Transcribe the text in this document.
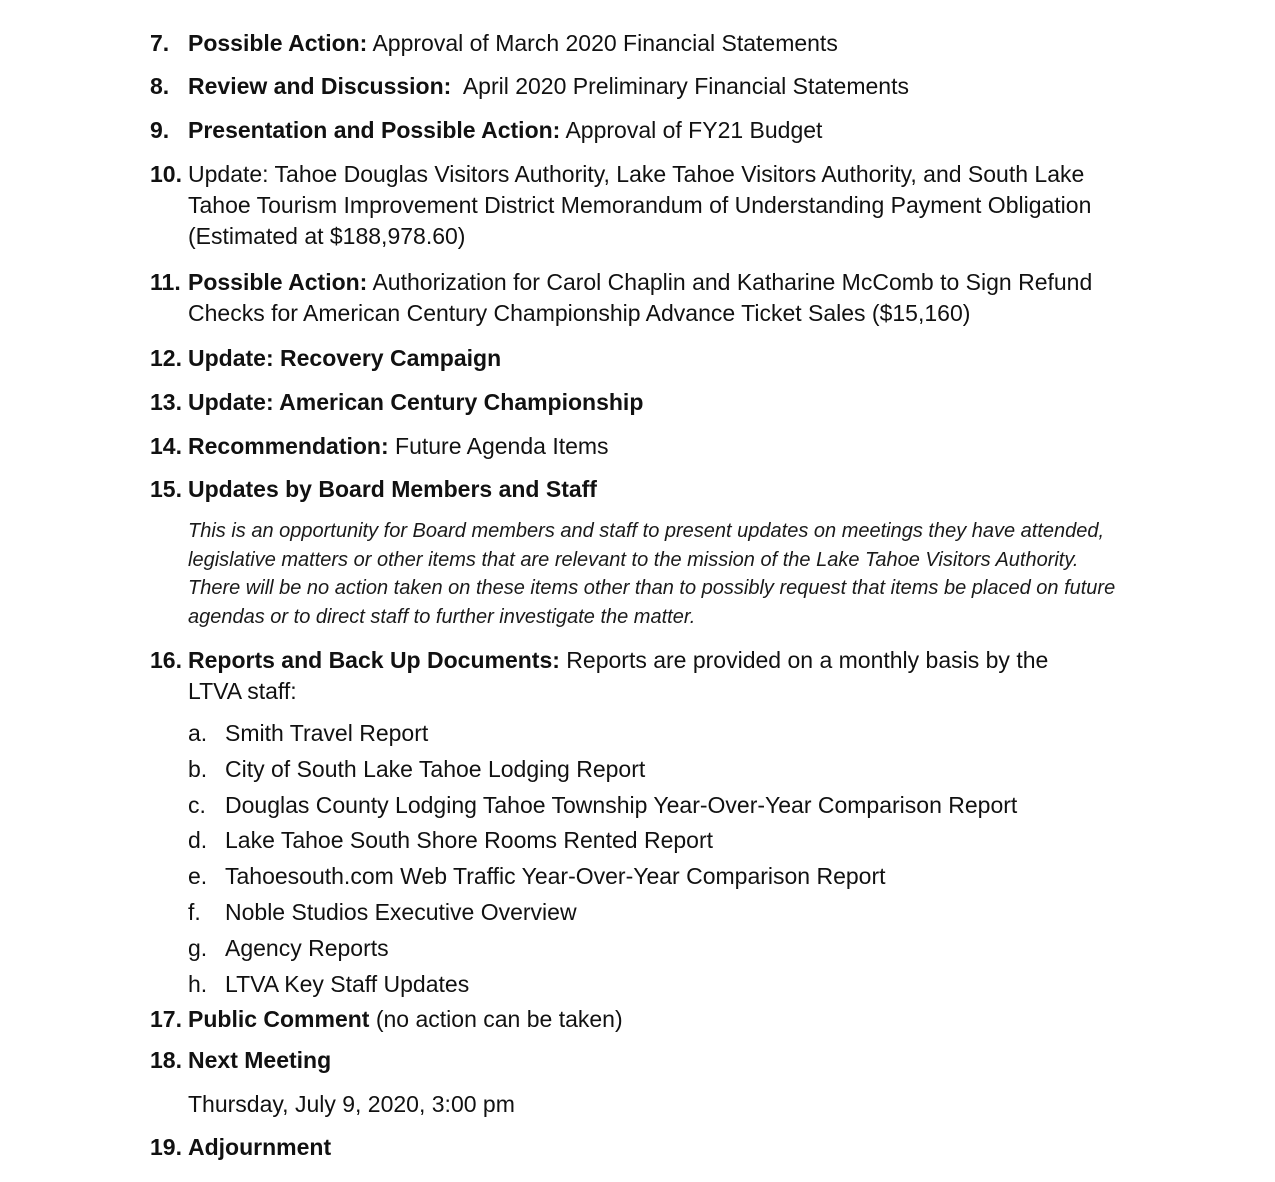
7. Possible Action: Approval of March 2020 Financial Statements
8. Review and Discussion:  April 2020 Preliminary Financial Statements
9. Presentation and Possible Action: Approval of FY21 Budget
10. Update: Tahoe Douglas Visitors Authority, Lake Tahoe Visitors Authority, and South Lake Tahoe Tourism Improvement District Memorandum of Understanding Payment Obligation (Estimated at $188,978.60)
11. Possible Action: Authorization for Carol Chaplin and Katharine McComb to Sign Refund Checks for American Century Championship Advance Ticket Sales ($15,160)
12. Update: Recovery Campaign
13. Update: American Century Championship
14. Recommendation: Future Agenda Items
15. Updates by Board Members and Staff
This is an opportunity for Board members and staff to present updates on meetings they have attended, legislative matters or other items that are relevant to the mission of the Lake Tahoe Visitors Authority. There will be no action taken on these items other than to possibly request that items be placed on future agendas or to direct staff to further investigate the matter.
16. Reports and Back Up Documents: Reports are provided on a monthly basis by the LTVA staff:
a. Smith Travel Report
b. City of South Lake Tahoe Lodging Report
c. Douglas County Lodging Tahoe Township Year-Over-Year Comparison Report
d. Lake Tahoe South Shore Rooms Rented Report
e. Tahoesouth.com Web Traffic Year-Over-Year Comparison Report
f. Noble Studios Executive Overview
g. Agency Reports
h. LTVA Key Staff Updates
17. Public Comment (no action can be taken)
18. Next Meeting
Thursday, July 9, 2020, 3:00 pm
19. Adjournment
